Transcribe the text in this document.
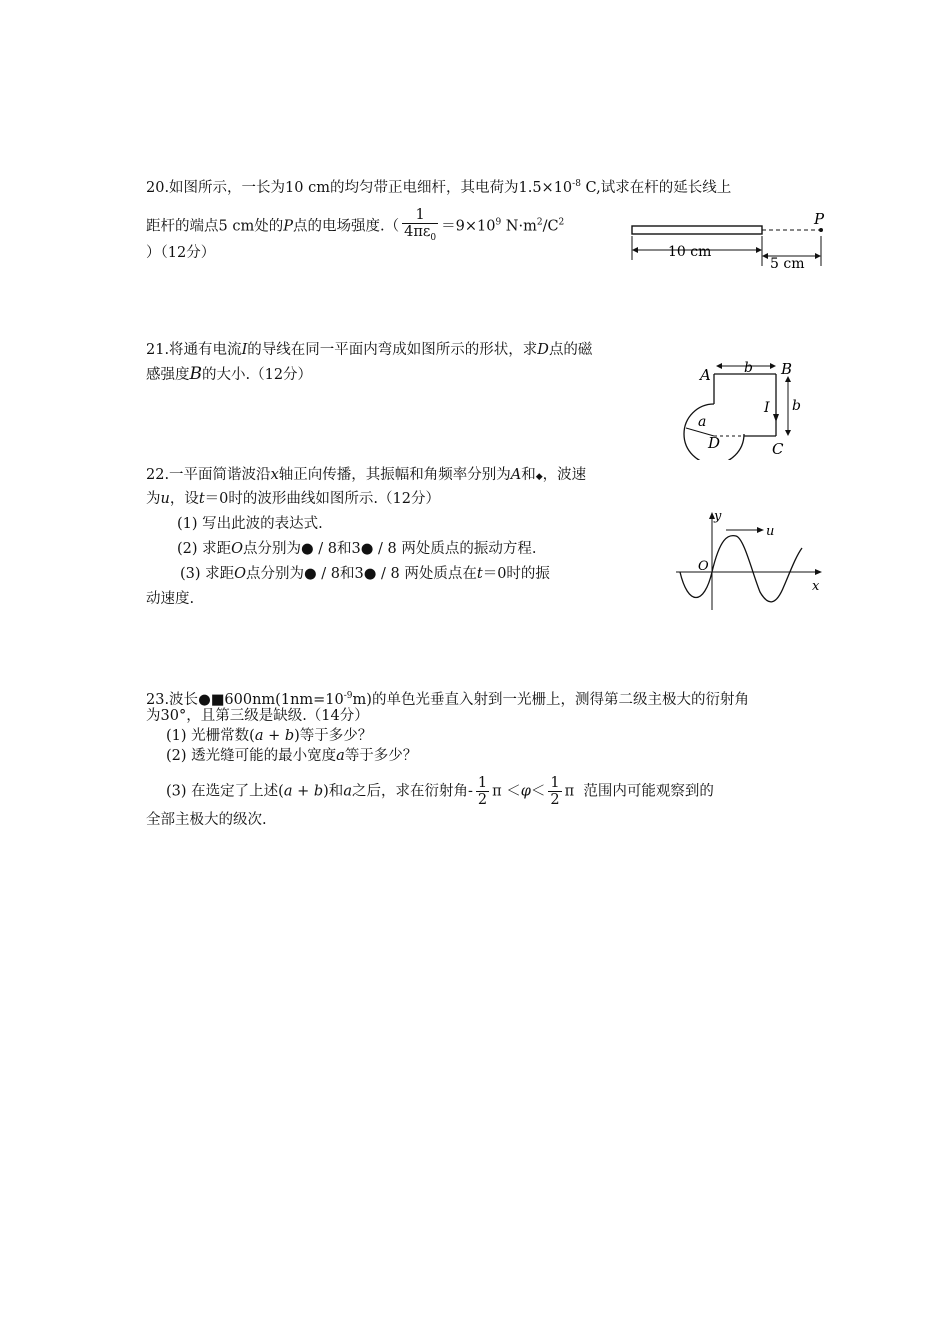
20.如图所示，一长为10 cm的均匀带正电细杆，其电荷为$1.5\times 10^{-8}$ C,试求在杆的延长线上
距杆的端点5 cm处的P点的电场强度.（ $\frac{1}{4\pi\varepsilon_0} =9\times 10^9$ $N\cdot m^2/C^2$
）（12分）
P
10 cm
5 cm
21.将通有电流I的导线在同一平面内弯成如图所示的形状，求D点的磁
感强度B的大小.（12分）	A	B
C
D
a
b
b
I
22.一平面简谐波沿x轴正向传播，其振幅和角频率分别为A和◆，波速
为u，设t＝0时的波形曲线如图所示.（12分）
(1) 写出此波的表达式.
(2) 求距O点分别为● / 8和3● / 8 两处质点的振动方程.
(3) 求距O点分别为● / 8和3● / 8 两处质点在t＝0时的振
动速度.
y
u
O
x
23.波长$●■600nm(1nm=10^{-9}m)$的单色光垂直入射到一光栅上，测得第二级主极大的衍射角
为30°，且第三级是缺级.（14分）
(1) 光栅常数(a + b)等于多少？
(2) 透光缝可能的最小宽度a等于多少？
(3) 在选定了上述(a + b)和a之后，求在衍射角- $\frac{1}{2}$ $\pi <\varphi< \frac{1}{2}$ π 范围内可能观察到的
全部主极大的级次.
